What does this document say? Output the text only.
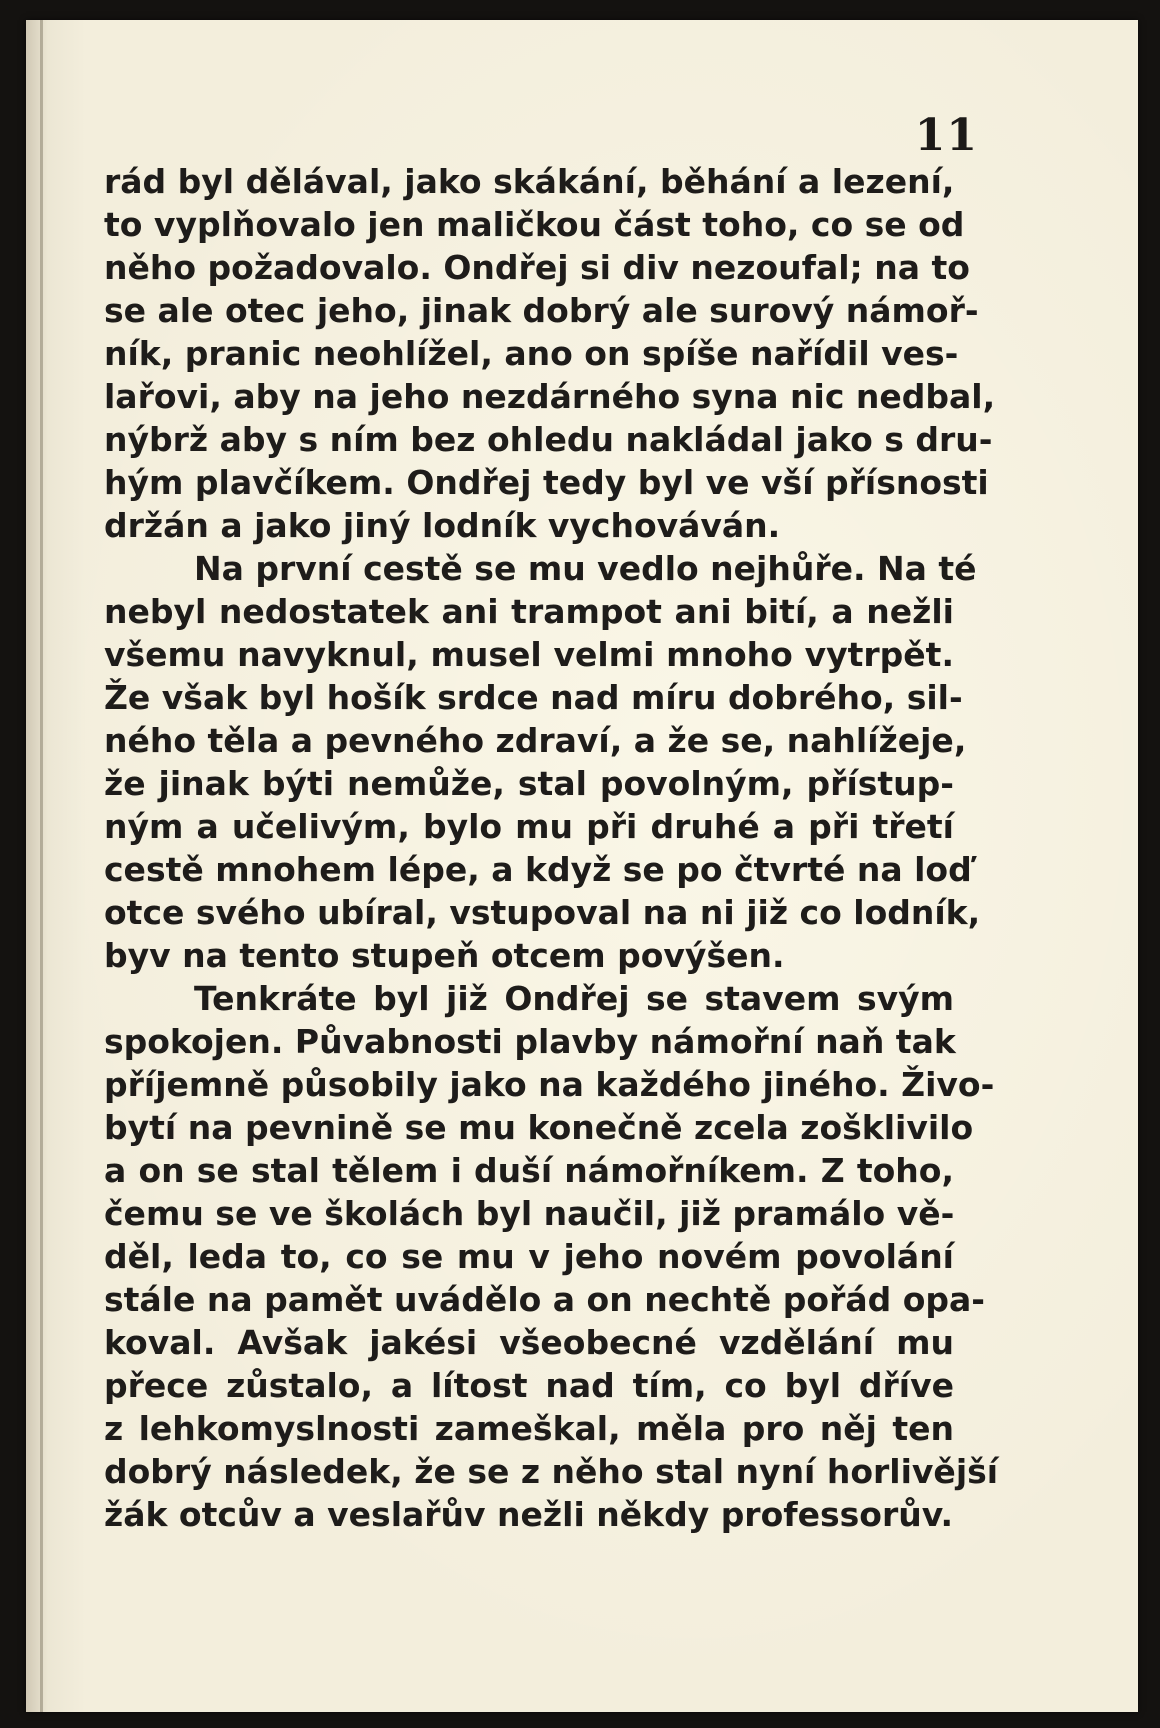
11
rád byl dělával, jako skákání, běhání a lezení,
to vyplňovalo jen maličkou část toho, co se od
něho požadovalo. Ondřej si div nezoufal; na to
se ale otec jeho, jinak dobrý ale surový námoř-
ník, pranic neohlížel, ano on spíše nařídil ves-
lařovi, aby na jeho nezdárného syna nic nedbal,
nýbrž aby s ním bez ohledu nakládal jako s dru-
hým plavčíkem. Ondřej tedy byl ve vší přísnosti
držán a jako jiný lodník vychováván.
Na první cestě se mu vedlo nejhůře. Na té
nebyl nedostatek ani trampot ani bití, a nežli
všemu navyknul, musel velmi mnoho vytrpět.
Že však byl hošík srdce nad míru dobrého, sil-
ného těla a pevného zdraví, a že se, nahlížeje,
že jinak býti nemůže, stal povolným, přístup-
ným a učelivým, bylo mu při druhé a při třetí
cestě mnohem lépe, a když se po čtvrté na loď
otce svého ubíral, vstupoval na ni již co lodník,
byv na tento stupeň otcem povýšen.
Tenkráte byl již Ondřej se stavem svým
spokojen. Půvabnosti plavby námořní naň tak
příjemně působily jako na každého jiného. Živo-
bytí na pevnině se mu konečně zcela zošklivilo
a on se stal tělem i duší námořníkem. Z toho,
čemu se ve školách byl naučil, již pramálo vě-
děl, leda to, co se mu v jeho novém povolání
stále na pamět uvádělo a on nechtě pořád opa-
koval. Avšak jakési všeobecné vzdělání mu
přece zůstalo, a lítost nad tím, co byl dříve
z lehkomyslnosti zameškal, měla pro něj ten
dobrý následek, že se z něho stal nyní horlivější
žák otcův a veslařův nežli někdy professorův.
